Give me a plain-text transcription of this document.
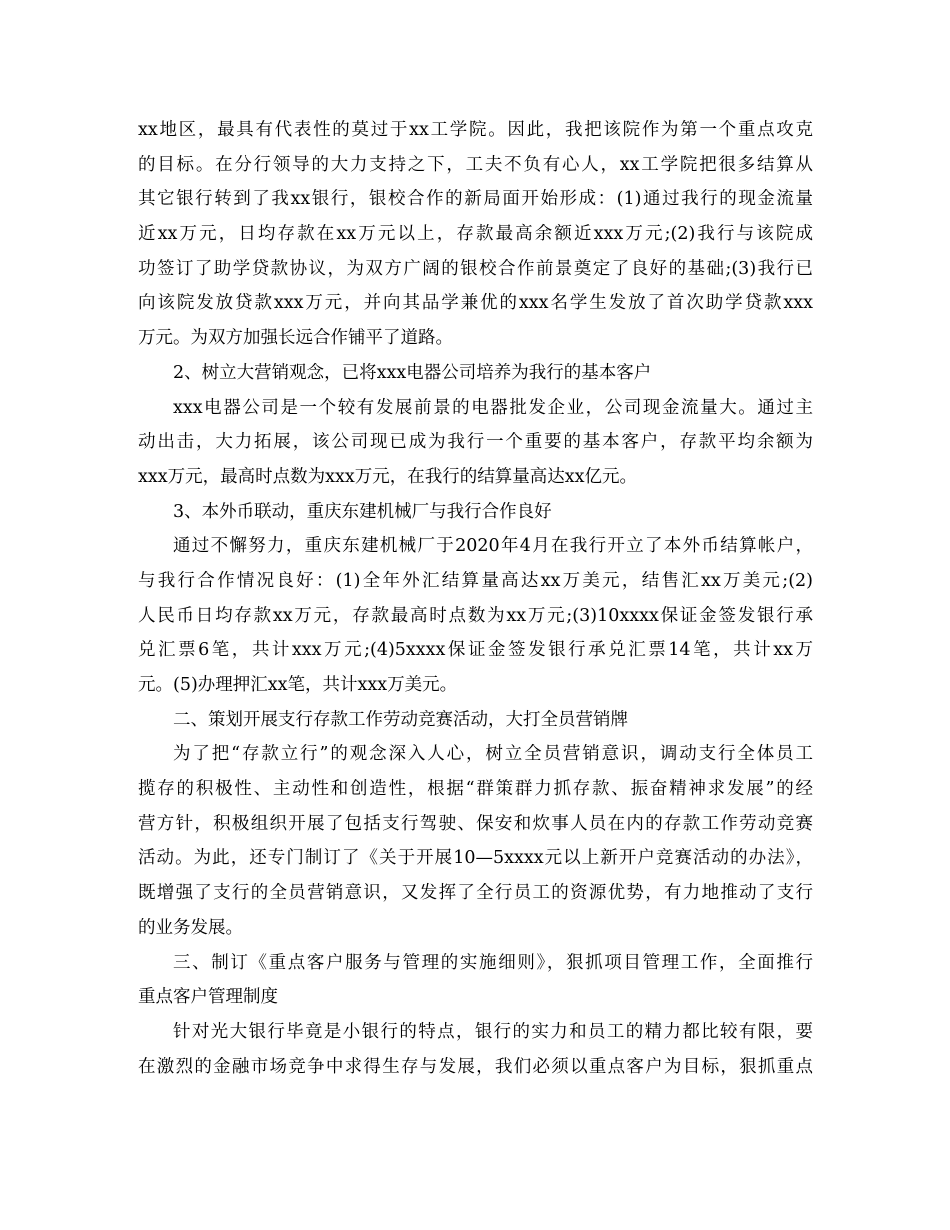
xx地区，最具有代表性的莫过于xx工学院。因此，我把该院作为第一个重点攻克
的目标。在分行领导的大力支持之下，工夫不负有心人，xx工学院把很多结算从
其它银行转到了我xx银行，银校合作的新局面开始形成：(1)通过我行的现金流量
近xx万元，日均存款在xx万元以上，存款最高余额近xxx万元;(2)我行与该院成
功签订了助学贷款协议，为双方广阔的银校合作前景奠定了良好的基础;(3)我行已
向该院发放贷款xxx万元，并向其品学兼优的xxx名学生发放了首次助学贷款xxx
万元。为双方加强长远合作铺平了道路。
2、树立大营销观念，已将xxx电器公司培养为我行的基本客户
xxx电器公司是一个较有发展前景的电器批发企业，公司现金流量大。通过主
动出击，大力拓展，该公司现已成为我行一个重要的基本客户，存款平均余额为
xxx万元，最高时点数为xxx万元，在我行的结算量高达xx亿元。
3、本外币联动，重庆东建机械厂与我行合作良好
通过不懈努力，重庆东建机械厂于2020年4月在我行开立了本外币结算帐户，
与我行合作情况良好：(1)全年外汇结算量高达xx万美元，结售汇xx万美元;(2)
人民币日均存款xx万元，存款最高时点数为xx万元;(3)10xxxx保证金签发银行承
兑汇票6笔，共计xxx万元;(4)5xxxx保证金签发银行承兑汇票14笔，共计xx万
元。(5)办理押汇xx笔，共计xxx万美元。
二、策划开展支行存款工作劳动竞赛活动，大打全员营销牌
为了把“存款立行”的观念深入人心，树立全员营销意识，调动支行全体员工
揽存的积极性、主动性和创造性，根据“群策群力抓存款、振奋精神求发展”的经
营方针，积极组织开展了包括支行驾驶、保安和炊事人员在内的存款工作劳动竞赛
活动。为此，还专门制订了《关于开展10—5xxxx元以上新开户竞赛活动的办法》，
既增强了支行的全员营销意识，又发挥了全行员工的资源优势，有力地推动了支行
的业务发展。
三、制订《重点客户服务与管理的实施细则》，狠抓项目管理工作，全面推行
重点客户管理制度
针对光大银行毕竟是小银行的特点，银行的实力和员工的精力都比较有限，要
在激烈的金融市场竞争中求得生存与发展，我们必须以重点客户为目标，狠抓重点
